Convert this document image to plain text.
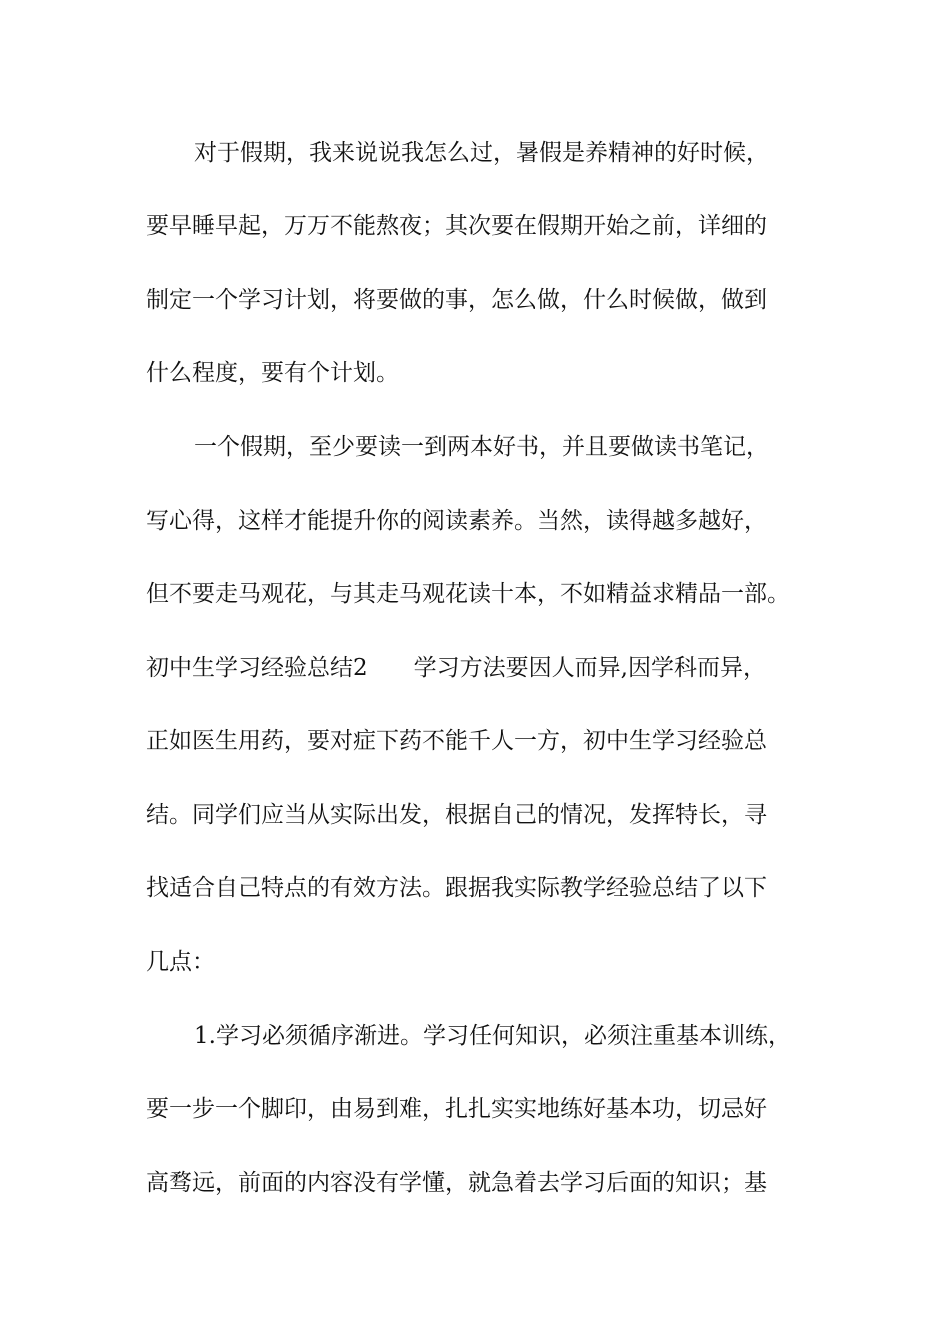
对于假期，我来说说我怎么过，暑假是养精神的好时候，

要早睡早起，万万不能熬夜；其次要在假期开始之前，详细的

制定一个学习计划，将要做的事，怎么做，什么时候做，做到

什么程度，要有个计划。

一个假期，至少要读一到两本好书，并且要做读书笔记，

写心得，这样才能提升你的阅读素养。当然，读得越多越好，

但不要走马观花，与其走马观花读十本，不如精益求精品一部。

初中生学习经验总结2　　学习方法要因人而异,因学科而异，

正如医生用药，要对症下药不能千人一方，初中生学习经验总

结。同学们应当从实际出发，根据自己的情况，发挥特长，寻

找适合自己特点的有效方法。跟据我实际教学经验总结了以下

几点：

1.学习必须循序渐进。学习任何知识，必须注重基本训练，

要一步一个脚印，由易到难，扎扎实实地练好基本功，切忌好

高骛远，前面的内容没有学懂，就急着去学习后面的知识；基
